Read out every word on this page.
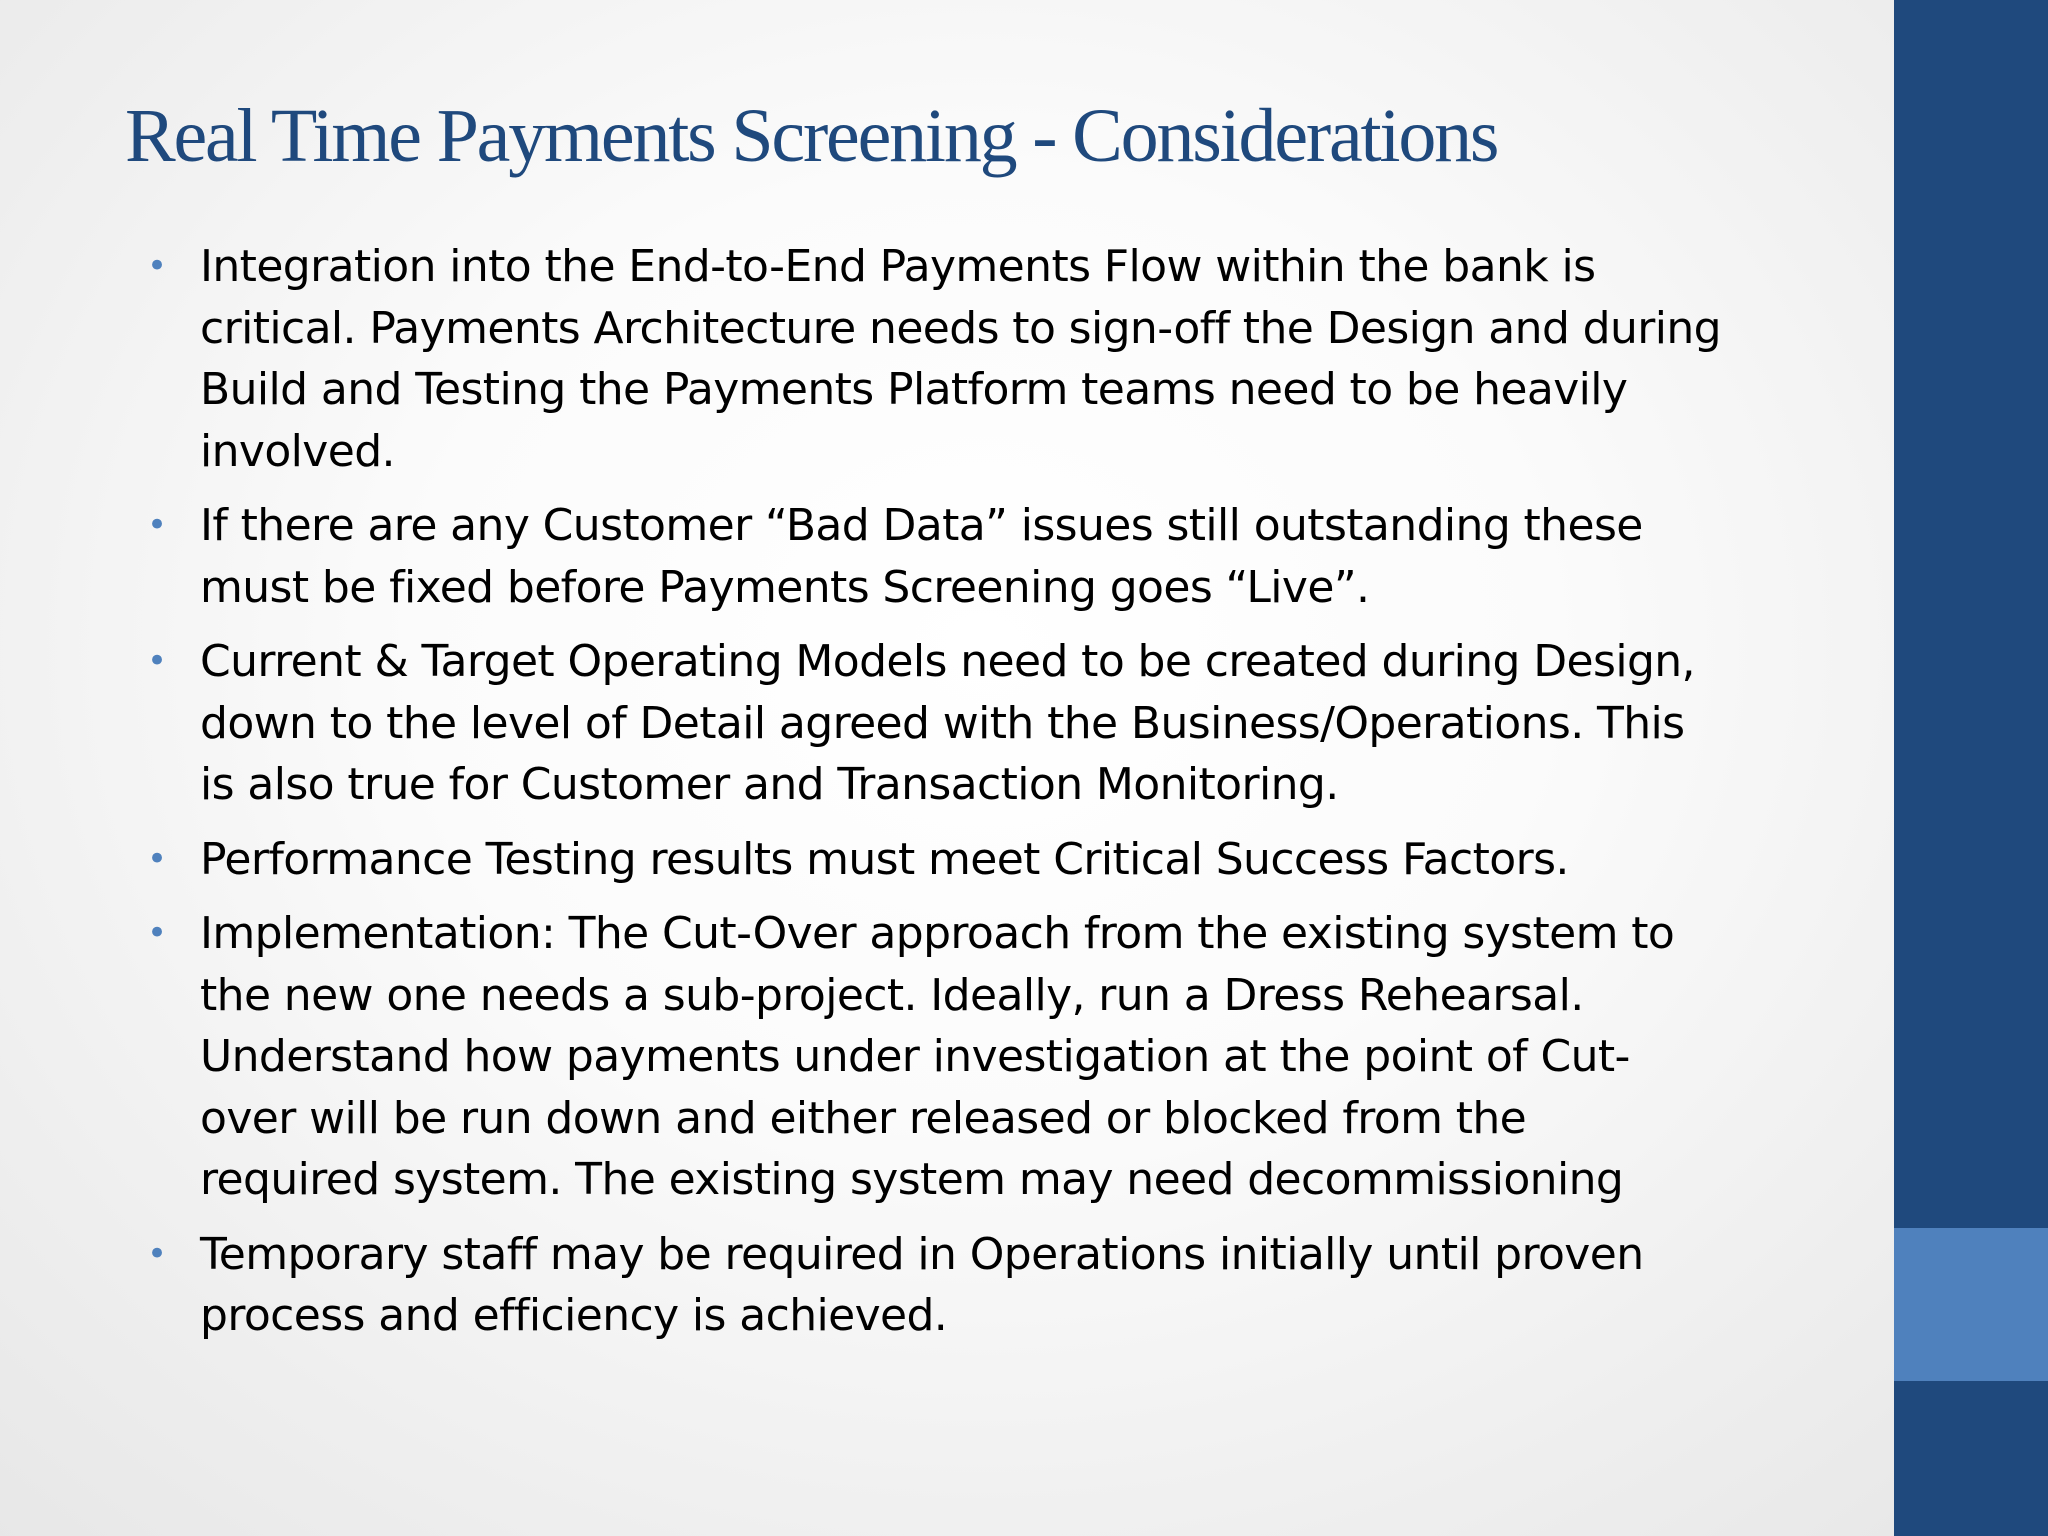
Real Time Payments Screening - Considerations
• Integration into the End-to-End Payments Flow within the bank is
critical. Payments Architecture needs to sign-off the Design and during
Build and Testing the Payments Platform teams need to be heavily
involved.
• If there are any Customer “Bad Data” issues still outstanding these
must be fixed before Payments Screening goes “Live”.
• Current & Target Operating Models need to be created during Design,
down to the level of Detail agreed with the Business/Operations. This
is also true for Customer and Transaction Monitoring.
• Performance Testing results must meet Critical Success Factors.
• Implementation: The Cut-Over approach from the existing system to
the new one needs a sub-project. Ideally, run a Dress Rehearsal.
Understand how payments under investigation at the point of Cut-
over will be run down and either released or blocked from the
required system. The existing system may need decommissioning
• Temporary staff may be required in Operations initially until proven
process and efficiency is achieved.
